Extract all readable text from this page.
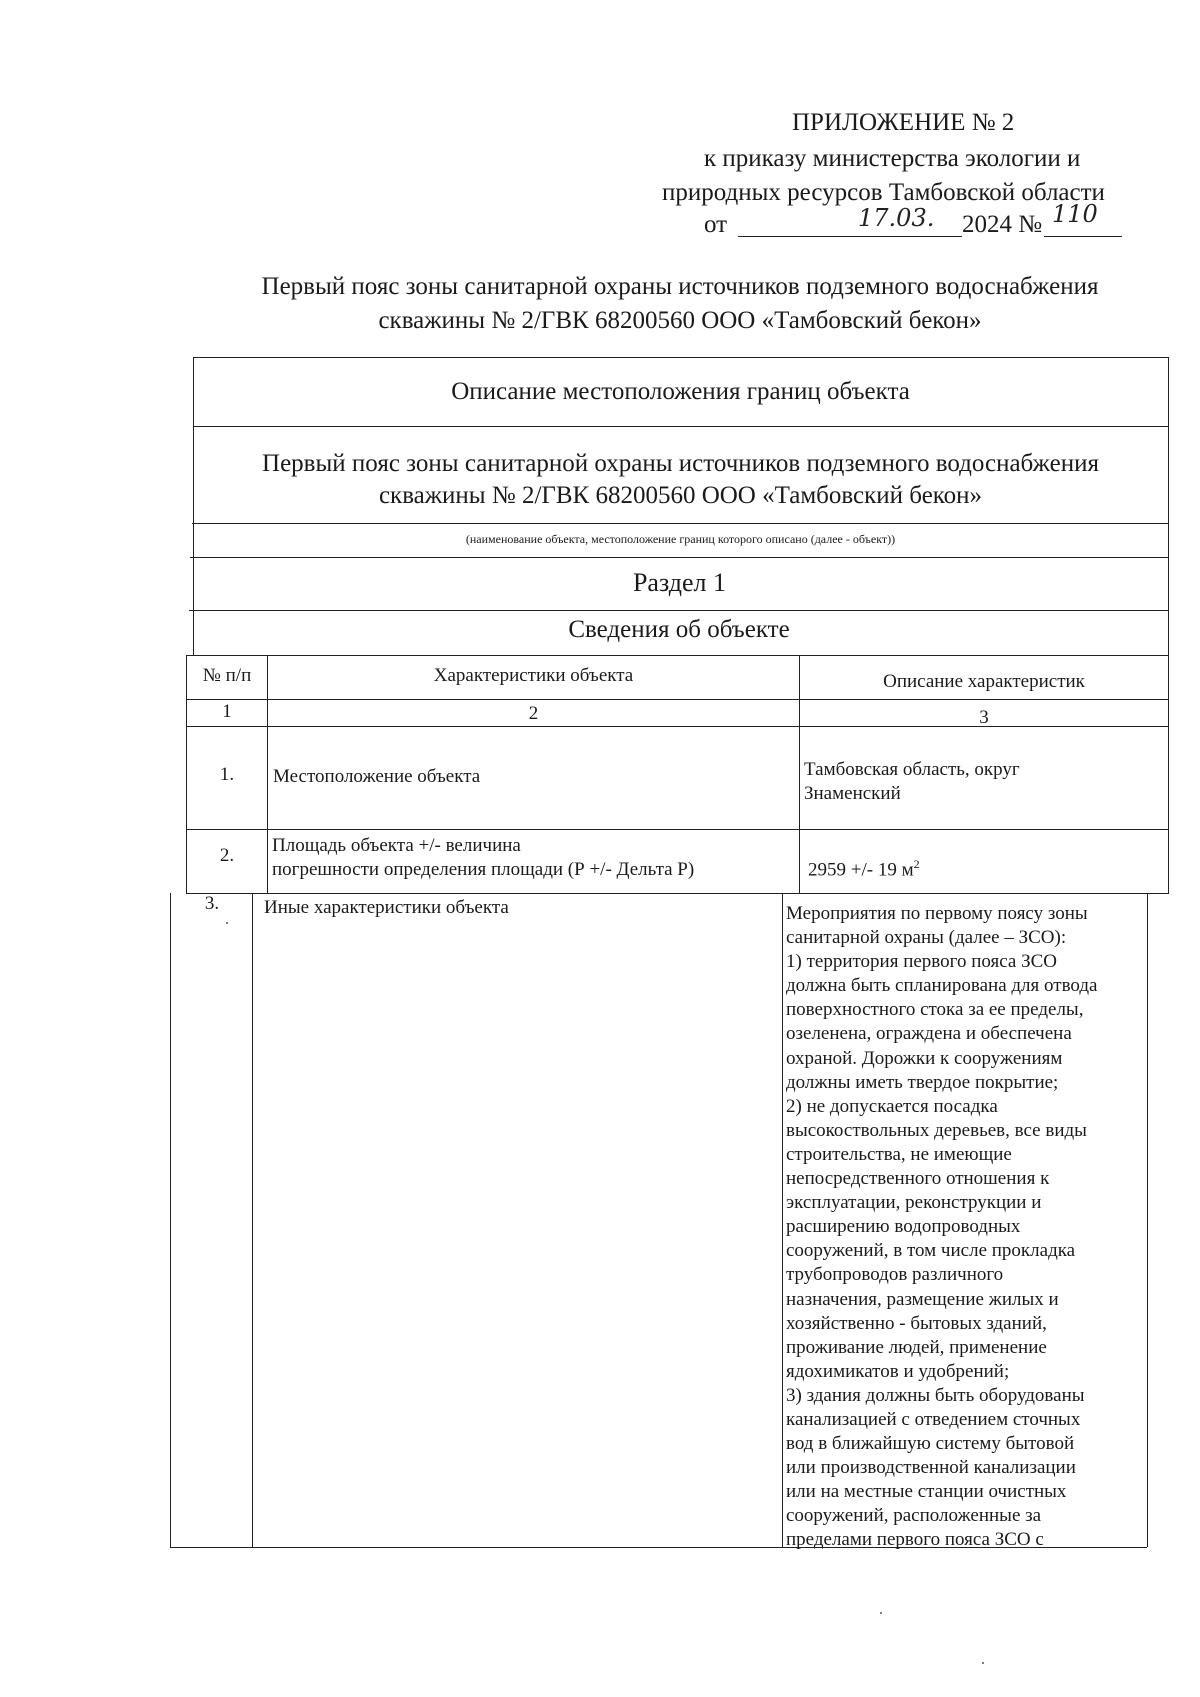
ПРИЛОЖЕНИЕ № 2
к приказу министерства экологии и
природных ресурсов Тамбовской области
от	17.03. 2024 № 110
Первый пояс зоны санитарной охраны источников подземного водоснабжения
скважины № 2/ГВК 68200560 ООО «Тамбовский бекон»
Описание местоположения границ объекта
Первый пояс зоны санитарной охраны источников подземного водоснабжения
скважины № 2/ГВК 68200560 ООО «Тамбовский бекон»
(наименование объекта, местоположение границ которого описано (далее - объект))
Раздел 1
Сведения об объекте
№ п/п	Характеристики объекта	Описание характеристик
1	2	3
1.	Местоположение объекта	Тамбовская область, округ
Знаменский
2.	Площадь объекта +/- величина
погрешности определения площади (Р +/- Дельта Р)	2959 +/- 19 $м^2$
3.	Иные характеристики объекта	Мероприятия по первому поясу зоны
санитарной охраны (далее – ЗСО):
1) территория первого пояса ЗСО
должна быть спланирована для отвода
поверхностного стока за ее пределы,
озеленена, ограждена и обеспечена
охраной. Дорожки к сооружениям
должны иметь твердое покрытие;
2) не допускается посадка
высокоствольных деревьев, все виды
строительства, не имеющие
непосредственного отношения к
эксплуатации, реконструкции и
расширению водопроводных
сооружений, в том числе прокладка
трубопроводов различного
назначения, размещение жилых и
хозяйственно - бытовых зданий,
проживание людей, применение
ядохимикатов и удобрений;
3) здания должны быть оборудованы
канализацией с отведением сточных
вод в ближайшую систему бытовой
или производственной канализации
или на местные станции очистных
сооружений, расположенные за
пределами первого пояса ЗСО с
